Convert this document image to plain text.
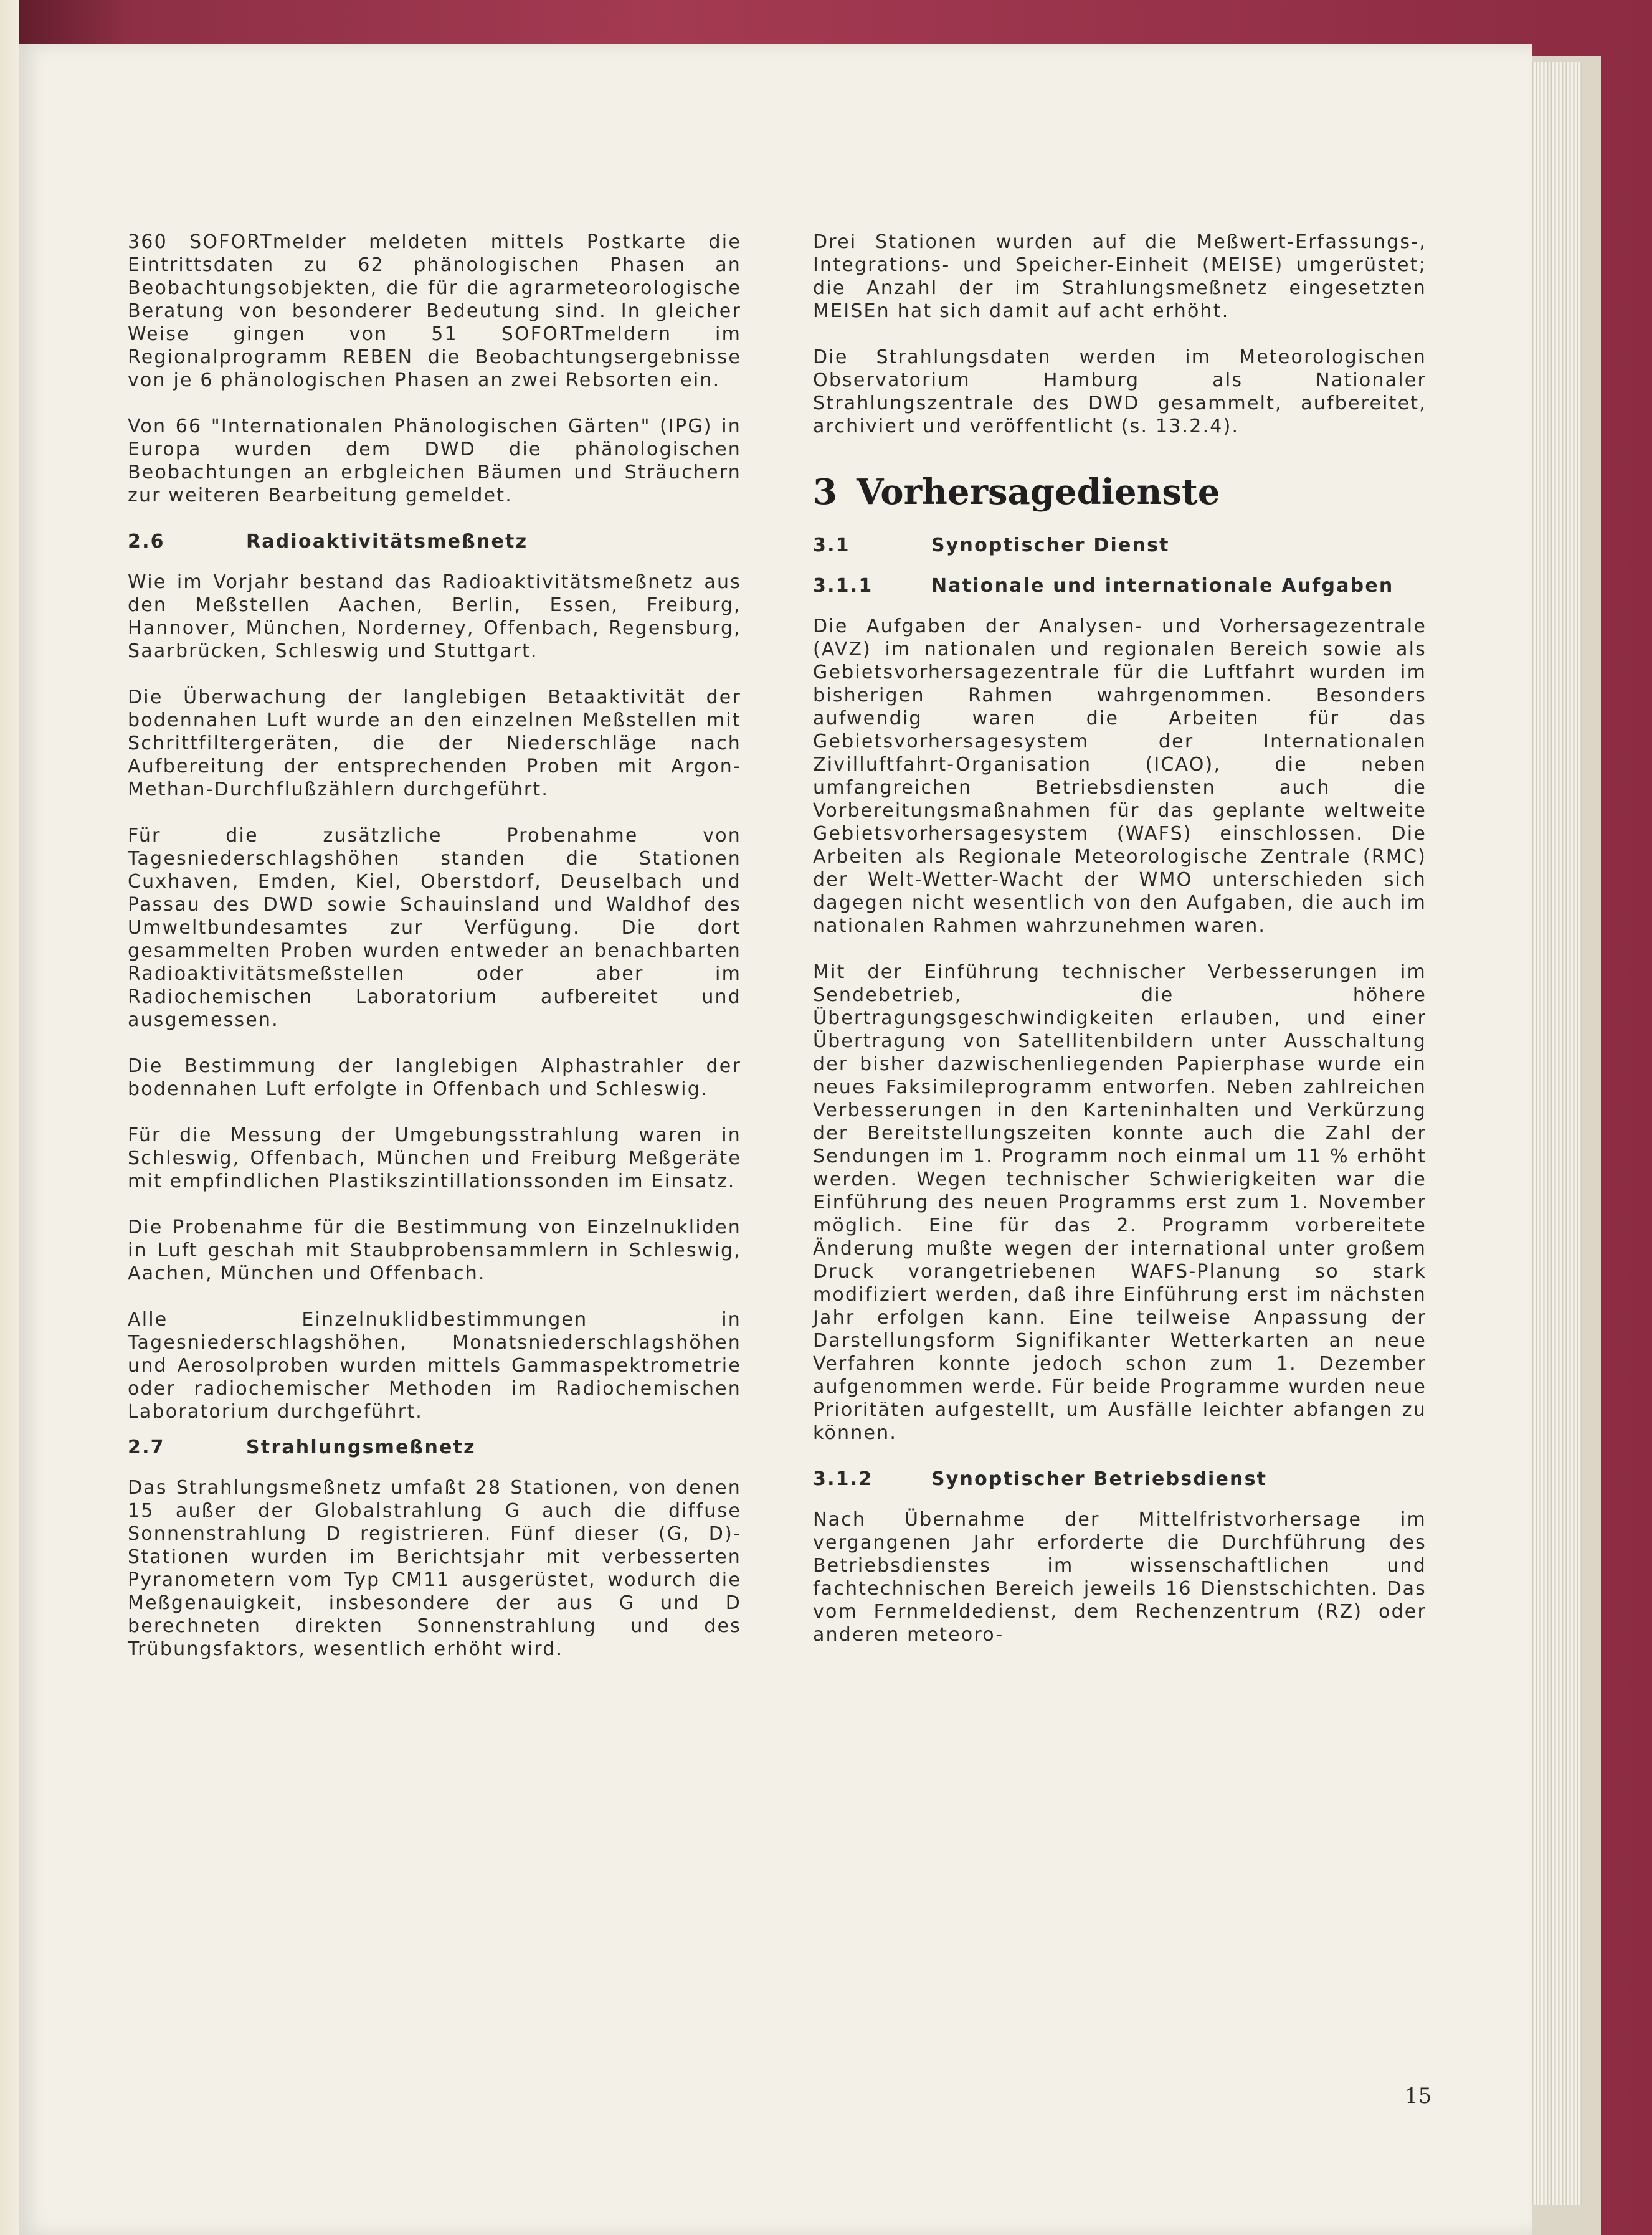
360 SOFORTmelder meldeten mittels Postkarte die Eintrittsdaten zu 62 phänologischen Phasen an Beobachtungsobjekten, die für die agrarmeteorologische Beratung von besonderer Bedeutung sind. In gleicher Weise gingen von 51 SOFORTmeldern im Regionalprogramm REBEN die Beobachtungsergebnisse von je 6 phänologischen Phasen an zwei Rebsorten ein.

Von 66 "Internationalen Phänologischen Gärten" (IPG) in Europa wurden dem DWD die phänologischen Beobachtungen an erbgleichen Bäumen und Sträuchern zur weiteren Bearbeitung gemeldet.

2.6	Radioaktivitätsmeßnetz

Wie im Vorjahr bestand das Radioaktivitätsmeßnetz aus den Meßstellen Aachen, Berlin, Essen, Freiburg, Hannover, München, Norderney, Offenbach, Regensburg, Saarbrücken, Schleswig und Stuttgart.

Die Überwachung der langlebigen Betaaktivität der bodennahen Luft wurde an den einzelnen Meßstellen mit Schrittfiltergeräten, die der Niederschläge nach Aufbereitung der entsprechenden Proben mit Argon-Methan-Durchflußzählern durchgeführt.

Für die zusätzliche Probenahme von Tagesniederschlagshöhen standen die Stationen Cuxhaven, Emden, Kiel, Oberstdorf, Deuselbach und Passau des DWD sowie Schauinsland und Waldhof des Umweltbundesamtes zur Verfügung. Die dort gesammelten Proben wurden entweder an benachbarten Radioaktivitätsmeßstellen oder aber im Radiochemischen Laboratorium aufbereitet und ausgemessen.

Die Bestimmung der langlebigen Alphastrahler der bodennahen Luft erfolgte in Offenbach und Schleswig.

Für die Messung der Umgebungsstrahlung waren in Schleswig, Offenbach, München und Freiburg Meßgeräte mit empfindlichen Plastikszintillationssonden im Einsatz.

Die Probenahme für die Bestimmung von Einzelnukliden in Luft geschah mit Staubprobensammlern in Schleswig, Aachen, München und Offenbach.

Alle Einzelnuklidbestimmungen in Tagesniederschlagshöhen, Monatsniederschlagshöhen und Aerosolproben wurden mittels Gammaspektrometrie oder radiochemischer Methoden im Radiochemischen Laboratorium durchgeführt.

2.7	Strahlungsmeßnetz

Das Strahlungsmeßnetz umfaßt 28 Stationen, von denen 15 außer der Globalstrahlung G auch die diffuse Sonnenstrahlung D registrieren. Fünf dieser (G, D)-Stationen wurden im Berichtsjahr mit verbesserten Pyranometern vom Typ CM11 ausgerüstet, wodurch die Meßgenauigkeit, insbesondere der aus G und D berechneten direkten Sonnenstrahlung und des Trübungsfaktors, wesentlich erhöht wird.

Drei Stationen wurden auf die Meßwert-Erfassungs-, Integrations- und Speicher-Einheit (MEISE) umgerüstet; die Anzahl der im Strahlungsmeßnetz eingesetzten MEISEn hat sich damit auf acht erhöht.

Die Strahlungsdaten werden im Meteorologischen Observatorium Hamburg als Nationaler Strahlungszentrale des DWD gesammelt, aufbereitet, archiviert und veröffentlicht (s. 13.2.4).

3 Vorhersagedienste
3.1	Synoptischer Dienst
3.1.1	Nationale und internationale Aufgaben

Die Aufgaben der Analysen- und Vorhersagezentrale (AVZ) im nationalen und regionalen Bereich sowie als Gebietsvorhersagezentrale für die Luftfahrt wurden im bisherigen Rahmen wahrgenommen. Besonders aufwendig waren die Arbeiten für das Gebietsvorhersagesystem der Internationalen Zivilluftfahrt-Organisation (ICAO), die neben umfangreichen Betriebsdiensten auch die Vorbereitungsmaßnahmen für das geplante weltweite Gebietsvorhersagesystem (WAFS) einschlossen. Die Arbeiten als Regionale Meteorologische Zentrale (RMC) der Welt-Wetter-Wacht der WMO unterschieden sich dagegen nicht wesentlich von den Aufgaben, die auch im nationalen Rahmen wahrzunehmen waren.

Mit der Einführung technischer Verbesserungen im Sendebetrieb, die höhere Übertragungsgeschwindigkeiten erlauben, und einer Übertragung von Satellitenbildern unter Ausschaltung der bisher dazwischenliegenden Papierphase wurde ein neues Faksimileprogramm entworfen. Neben zahlreichen Verbesserungen in den Karteninhalten und Verkürzung der Bereitstellungszeiten konnte auch die Zahl der Sendungen im 1. Programm noch einmal um 11 % erhöht werden. Wegen technischer Schwierigkeiten war die Einführung des neuen Programms erst zum 1. November möglich. Eine für das 2. Programm vorbereitete Änderung mußte wegen der international unter großem Druck vorangetriebenen WAFS-Planung so stark modifiziert werden, daß ihre Einführung erst im nächsten Jahr erfolgen kann. Eine teilweise Anpassung der Darstellungsform Signifikanter Wetterkarten an neue Verfahren konnte jedoch schon zum 1. Dezember aufgenommen werde. Für beide Programme wurden neue Prioritäten aufgestellt, um Ausfälle leichter abfangen zu können.

3.1.2	Synoptischer Betriebsdienst

Nach Übernahme der Mittelfristvorhersage im vergangenen Jahr erforderte die Durchführung des Betriebsdienstes im wissenschaftlichen und fachtechnischen Bereich jeweils 16 Dienstschichten. Das vom Fernmeldedienst, dem Rechenzentrum (RZ) oder anderen meteoro-

15
